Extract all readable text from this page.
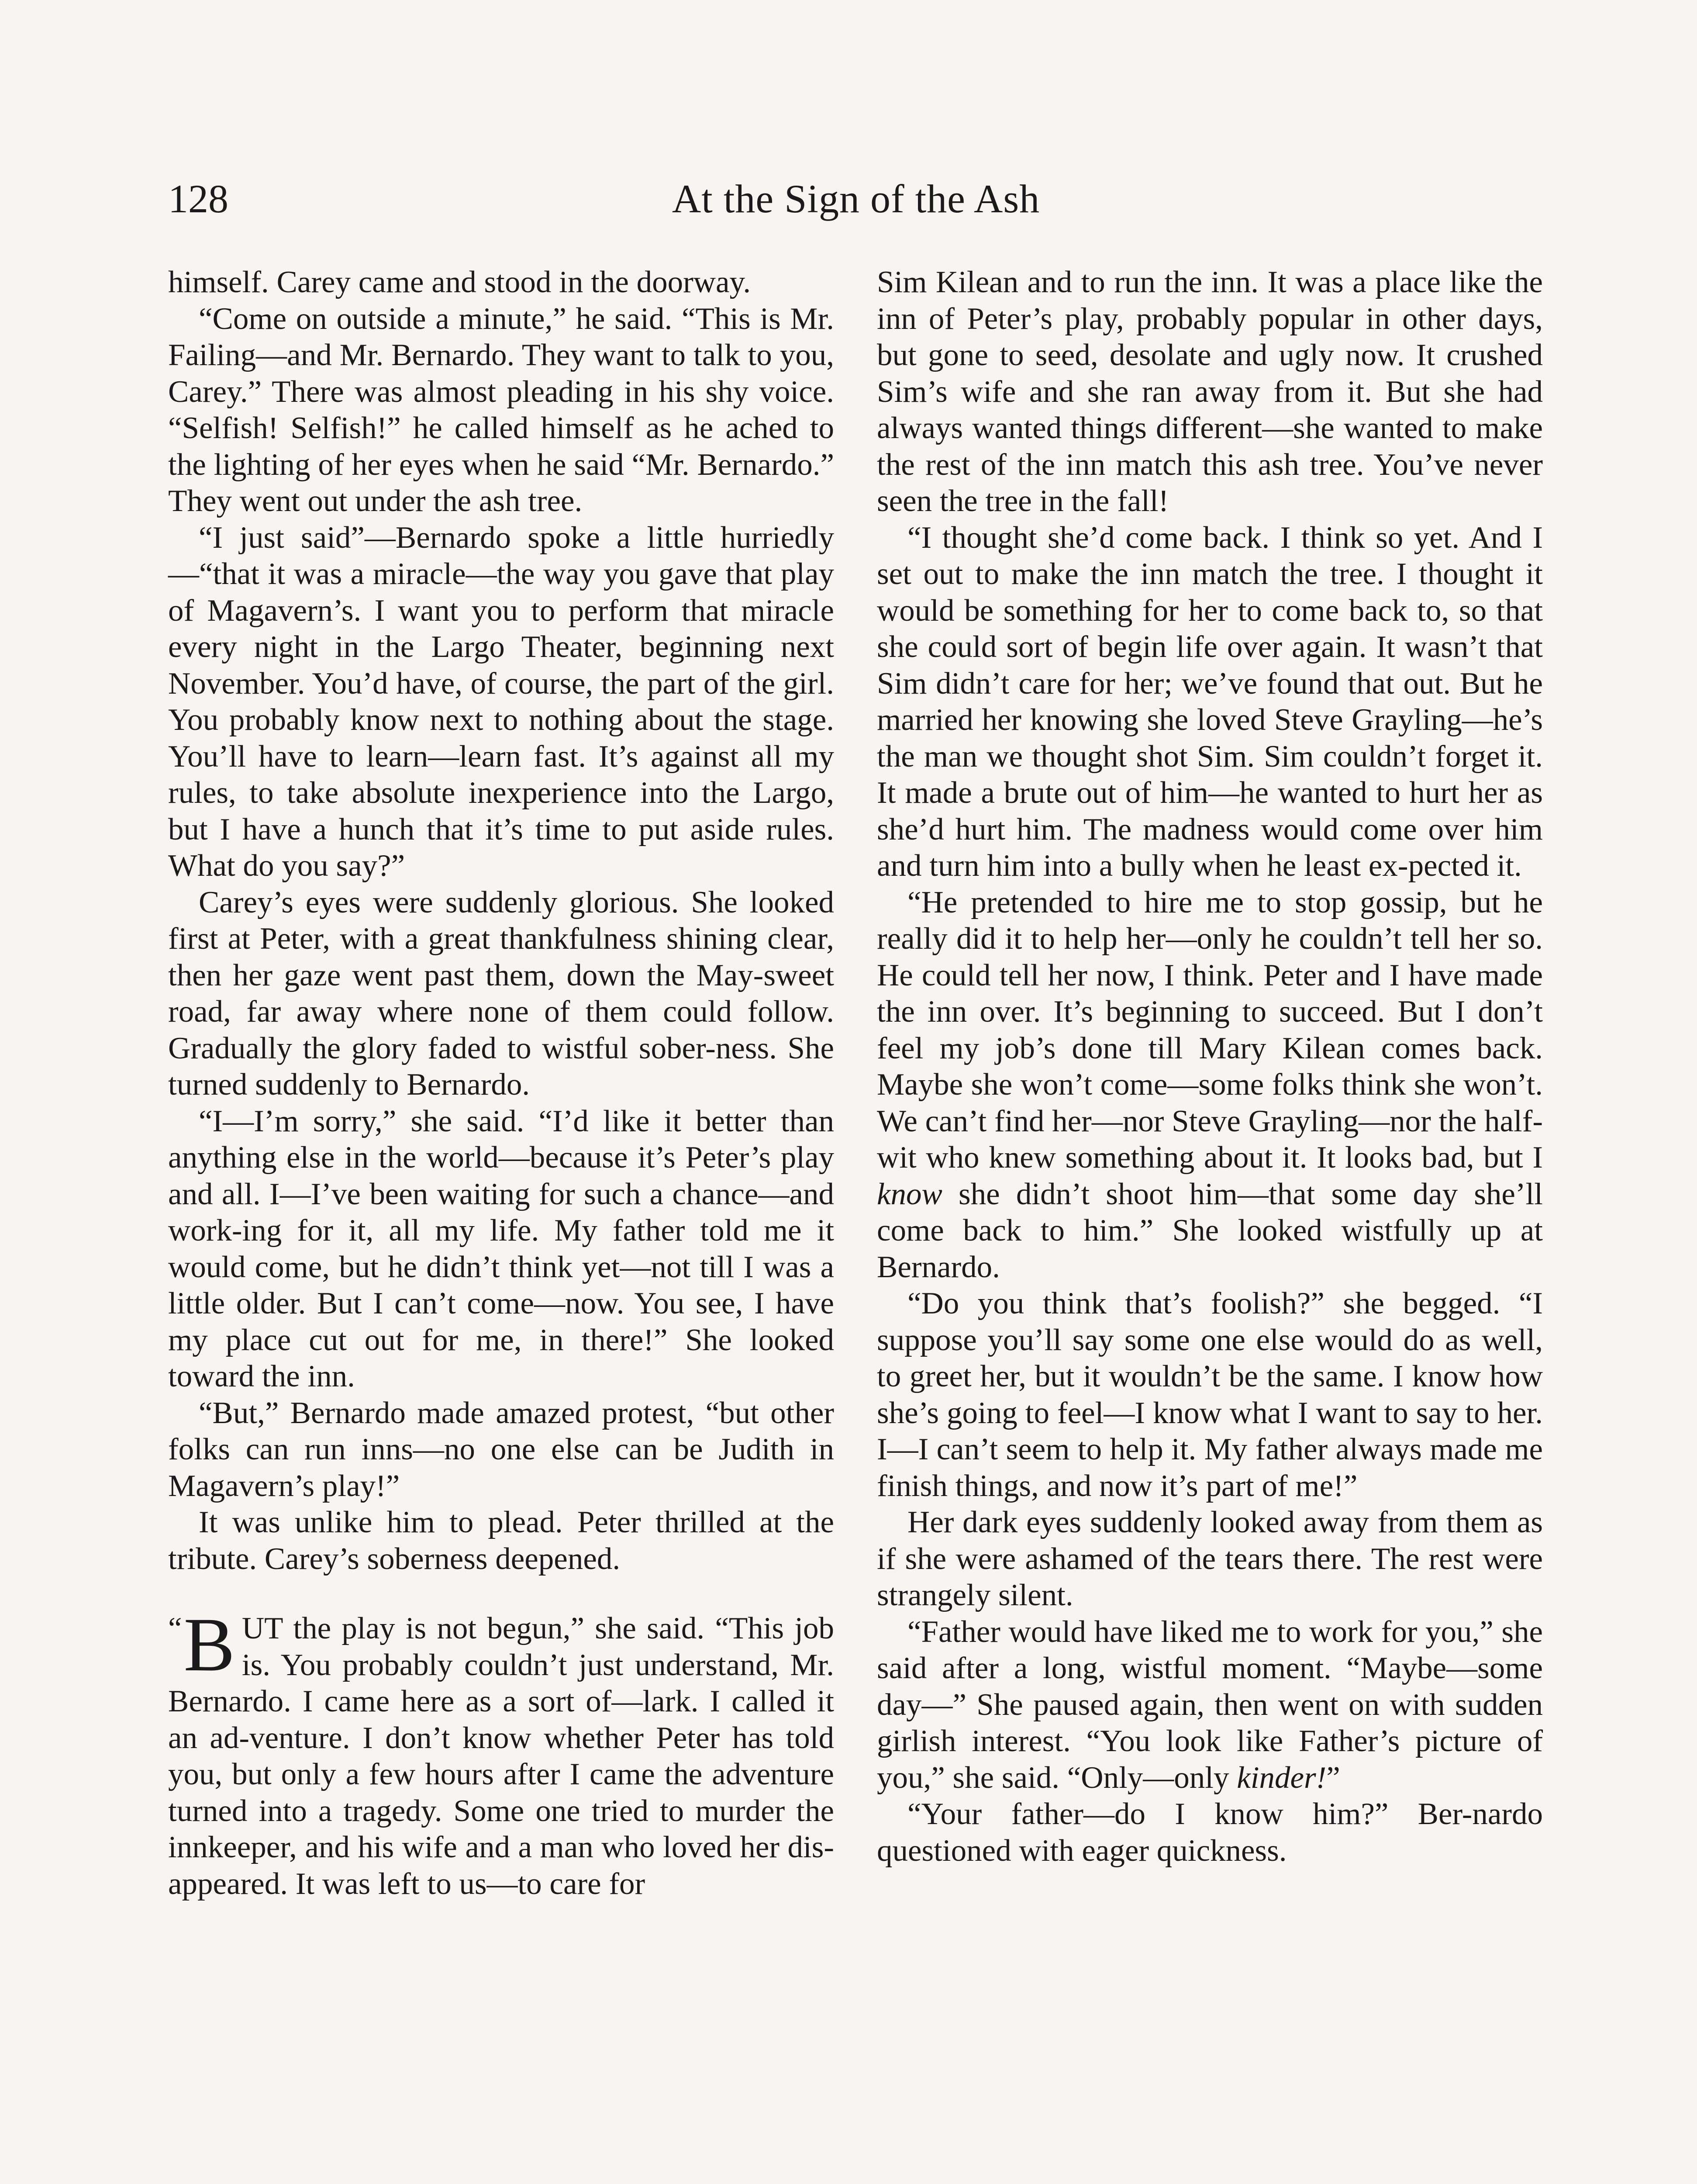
128	At the Sign of the Ash

himself. Carey came and stood in the doorway.

“Come on outside a minute,” he said. “This is Mr. Failing—and Mr. Bernardo. They want to talk to you, Carey.” There was almost pleading in his shy voice. “Selfish! Selfish!” he called himself as he ached to the lighting of her eyes when he said “Mr. Bernardo.” They went out under the ash tree.

“I just said”—Bernardo spoke a little hurriedly—“that it was a miracle—the way you gave that play of Magavern’s. I want you to perform that miracle every night in the Largo Theater, beginning next November. You’d have, of course, the part of the girl. You probably know next to nothing about the stage. You’ll have to learn—learn fast. It’s against all my rules, to take absolute inexperience into the Largo, but I have a hunch that it’s time to put aside rules. What do you say?”

Carey’s eyes were suddenly glorious. She looked first at Peter, with a great thankfulness shining clear, then her gaze went past them, down the May-sweet road, far away where none of them could follow. Gradually the glory faded to wistful sober-ness. She turned suddenly to Bernardo.

“I—I’m sorry,” she said. “I’d like it better than anything else in the world—because it’s Peter’s play and all. I—I’ve been waiting for such a chance—and work-ing for it, all my life. My father told me it would come, but he didn’t think yet—not till I was a little older. But I can’t come—now. You see, I have my place cut out for me, in there!” She looked toward the inn.

“But,” Bernardo made amazed protest, “but other folks can run inns—no one else can be Judith in Magavern’s play!”

It was unlike him to plead. Peter thrilled at the tribute. Carey’s soberness deepened.

“ B UT the play is not begun,” she said. “This job is. You probably couldn’t just understand, Mr. Bernardo. I came here as a sort of—lark. I called it an ad-venture. I don’t know whether Peter has told you, but only a few hours after I came the adventure turned into a tragedy. Some one tried to murder the innkeeper, and his wife and a man who loved her dis-appeared. It was left to us—to care for

Sim Kilean and to run the inn. It was a place like the inn of Peter’s play, probably popular in other days, but gone to seed, desolate and ugly now. It crushed Sim’s wife and she ran away from it. But she had always wanted things different—she wanted to make the rest of the inn match this ash tree. You’ve never seen the tree in the fall!

“I thought she’d come back. I think so yet. And I set out to make the inn match the tree. I thought it would be something for her to come back to, so that she could sort of begin life over again. It wasn’t that Sim didn’t care for her; we’ve found that out. But he married her knowing she loved Steve Grayling—he’s the man we thought shot Sim. Sim couldn’t forget it. It made a brute out of him—he wanted to hurt her as she’d hurt him. The madness would come over him and turn him into a bully when he least ex-pected it.

“He pretended to hire me to stop gossip, but he really did it to help her—only he couldn’t tell her so. He could tell her now, I think. Peter and I have made the inn over. It’s beginning to succeed. But I don’t feel my job’s done till Mary Kilean comes back. Maybe she won’t come—some folks think she won’t. We can’t find her—nor Steve Grayling—nor the half-wit who knew something about it. It looks bad, but I know she didn’t shoot him—that some day she’ll come back to him.” She looked wistfully up at Bernardo.

“Do you think that’s foolish?” she begged. “I suppose you’ll say some one else would do as well, to greet her, but it wouldn’t be the same. I know how she’s going to feel—I know what I want to say to her. I—I can’t seem to help it. My father always made me finish things, and now it’s part of me!”

Her dark eyes suddenly looked away from them as if she were ashamed of the tears there. The rest were strangely silent.

“Father would have liked me to work for you,” she said after a long, wistful moment. “Maybe—some day—” She paused again, then went on with sudden girlish interest. “You look like Father’s picture of you,” she said. “Only—only kinder!”

“Your father—do I know him?” Ber-nardo questioned with eager quickness.
